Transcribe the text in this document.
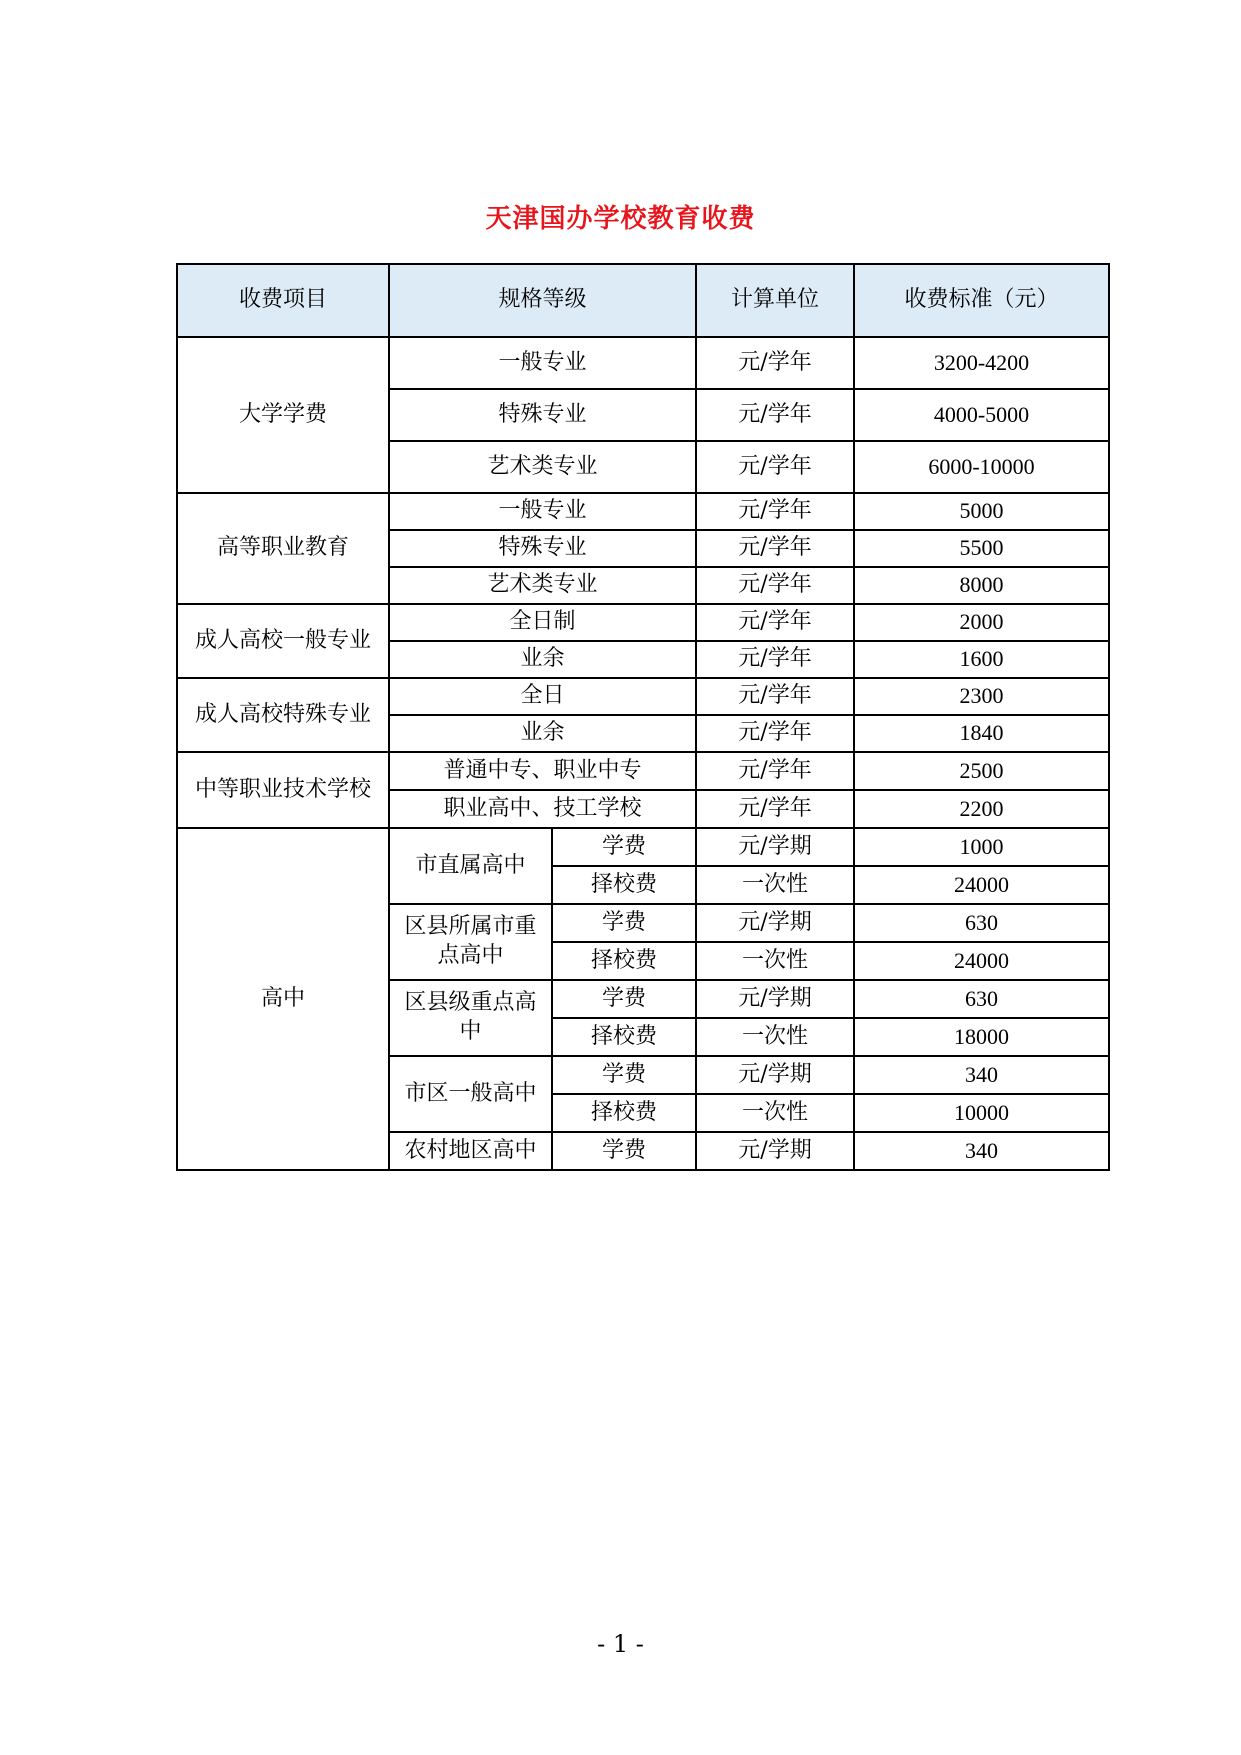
天津国办学校教育收费
收费项目	规格等级		计算单位	收费标准（元）
大学学费	一般专业		元/学年	3200-4200
	特殊专业		元/学年	4000-5000
	艺术类专业		元/学年	6000-10000
高等职业教育	一般专业		元/学年	5000
	特殊专业		元/学年	5500
	艺术类专业		元/学年	8000
成人高校一般专业	全日制		元/学年	2000
	业余		元/学年	1600
成人高校特殊专业	全日		元/学年	2300
	业余		元/学年	1840
中等职业技术学校	普通中专、职业中专		元/学年	2500
	职业高中、技工学校		元/学年	2200
高中	市直属高中	学费	元/学期	1000
		择校费	一次性	24000
	区县所属市重点高中	学费	元/学期	630
		择校费	一次性	24000
	区县级重点高中	学费	元/学期	630
		择校费	一次性	18000
	市区一般高中	学费	元/学期	340
		择校费	一次性	10000
	农村地区高中	学费	元/学期	340
- 1 -
